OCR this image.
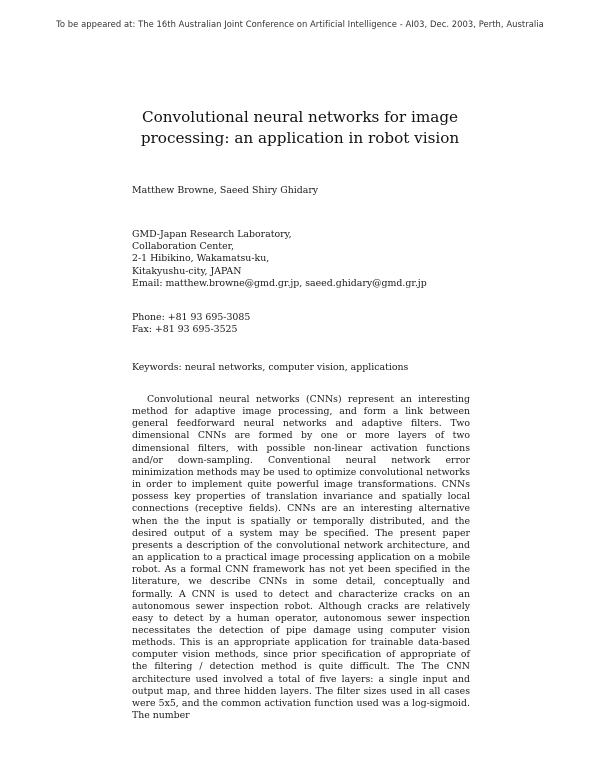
To be appeared at: The 16th Australian Joint Conference on Artificial Intelligence - AI03, Dec. 2003, Perth, Australia
Convolutional neural networks for image
processing: an application in robot vision
Matthew Browne, Saeed Shiry Ghidary
GMD-Japan Research Laboratory,
Collaboration Center,
2-1 Hibikino, Wakamatsu-ku,
Kitakyushu-city, JAPAN
Email: matthew.browne@gmd.gr.jp, saeed.ghidary@gmd.gr.jp
Phone: +81 93 695-3085
Fax: +81 93 695-3525
Keywords: neural networks, computer vision, applications

Convolutional neural networks (CNNs) represent an interesting method for adaptive image processing, and form a link between general feedforward neural networks and adaptive filters. Two dimensional CNNs are formed by one or more layers of two dimensional filters, with possible non-linear activation functions and/or down-sampling. Conventional neural network error minimization methods may be used to optimize convolutional networks in order to implement quite powerful image transformations. CNNs possess key properties of translation invariance and spatially local connections (receptive fields). CNNs are an interesting alternative when the the input is spatially or temporally distributed, and the desired output of a system may be specified. The present paper presents a description of the convolutional network architecture, and an application to a practical image processing application on a mobile robot. As a formal CNN framework has not yet been specified in the literature, we describe CNNs in some detail, conceptually and formally. A CNN is used to detect and characterize cracks on an autonomous sewer inspection robot. Although cracks are relatively easy to detect by a human operator, autonomous sewer inspection necessitates the detection of pipe damage using computer vision methods. This is an appropriate application for trainable data-based computer vision methods, since prior specification of appropriate of the filtering / detection method is quite difficult. The The CNN architecture used involved a total of five layers: a single input and output map, and three hidden layers. The filter sizes used in all cases were 5x5, and the common activation function used was a log-sigmoid. The number
